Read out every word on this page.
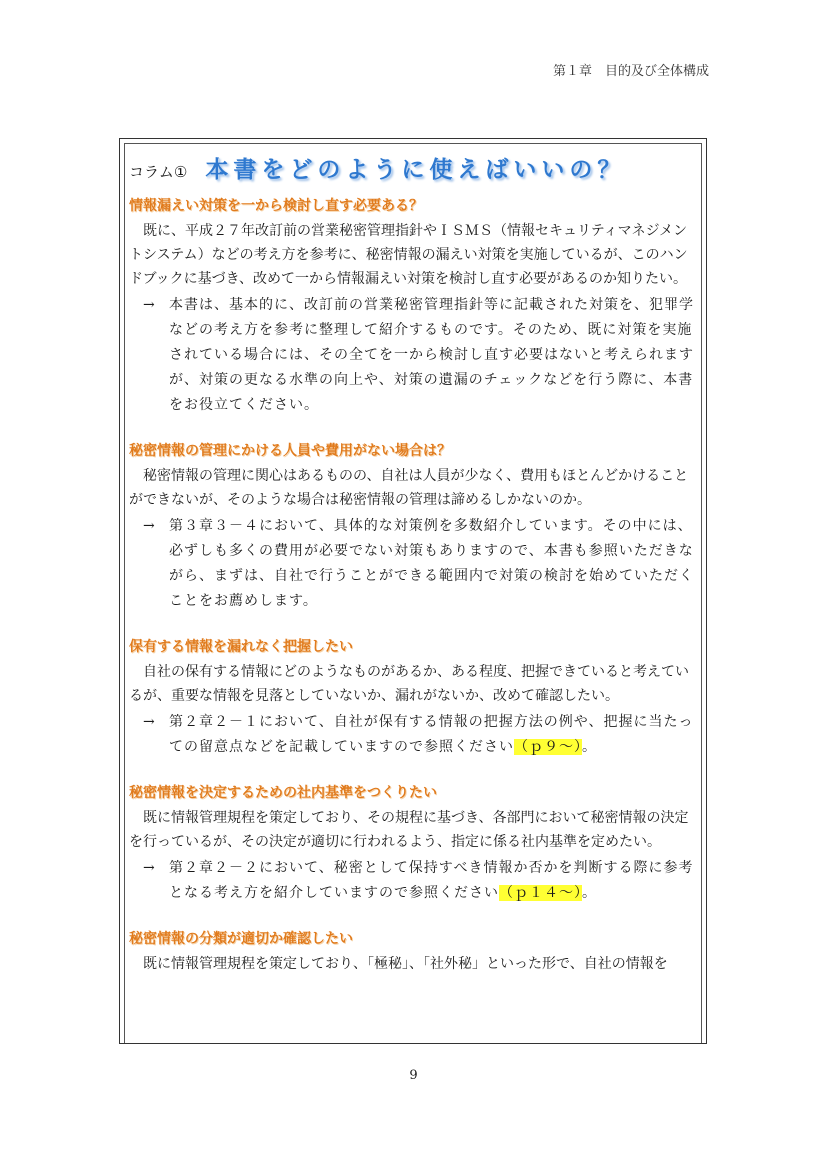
第１章　目的及び全体構成
コラム① 本書をどのように使えばいいの？
情報漏えい対策を一から検討し直す必要ある？
既に、平成２７年改訂前の営業秘密管理指針やＩＳＭＳ（情報セキュリティマネジメントシステム）などの考え方を参考に、秘密情報の漏えい対策を実施しているが、このハンドブックに基づき、改めて一から情報漏えい対策を検討し直す必要があるのか知りたい。
→ 本書は、基本的に、改訂前の営業秘密管理指針等に記載された対策を、犯罪学などの考え方を参考に整理して紹介するものです。そのため、既に対策を実施されている場合には、その全てを一から検討し直す必要はないと考えられますが、対策の更なる水準の向上や、対策の遺漏のチェックなどを行う際に、本書をお役立てください。
秘密情報の管理にかける人員や費用がない場合は？
秘密情報の管理に関心はあるものの、自社は人員が少なく、費用もほとんどかけることができないが、そのような場合は秘密情報の管理は諦めるしかないのか。
→ 第３章３－４において、具体的な対策例を多数紹介しています。その中には、必ずしも多くの費用が必要でない対策もありますので、本書も参照いただきながら、まずは、自社で行うことができる範囲内で対策の検討を始めていただくことをお薦めします。
保有する情報を漏れなく把握したい
自社の保有する情報にどのようなものがあるか、ある程度、把握できていると考えているが、重要な情報を見落としていないか、漏れがないか、改めて確認したい。
→ 第２章２－１において、自社が保有する情報の把握方法の例や、把握に当たっての留意点などを記載していますので参照ください（ｐ９～）。
秘密情報を決定するための社内基準をつくりたい
既に情報管理規程を策定しており、その規程に基づき、各部門において秘密情報の決定を行っているが、その決定が適切に行われるよう、指定に係る社内基準を定めたい。
→ 第２章２－２において、秘密として保持すべき情報か否かを判断する際に参考となる考え方を紹介していますので参照ください（ｐ１４～）。
秘密情報の分類が適切か確認したい
既に情報管理規程を策定しており、「極秘」、「社外秘」といった形で、自社の情報を
9
